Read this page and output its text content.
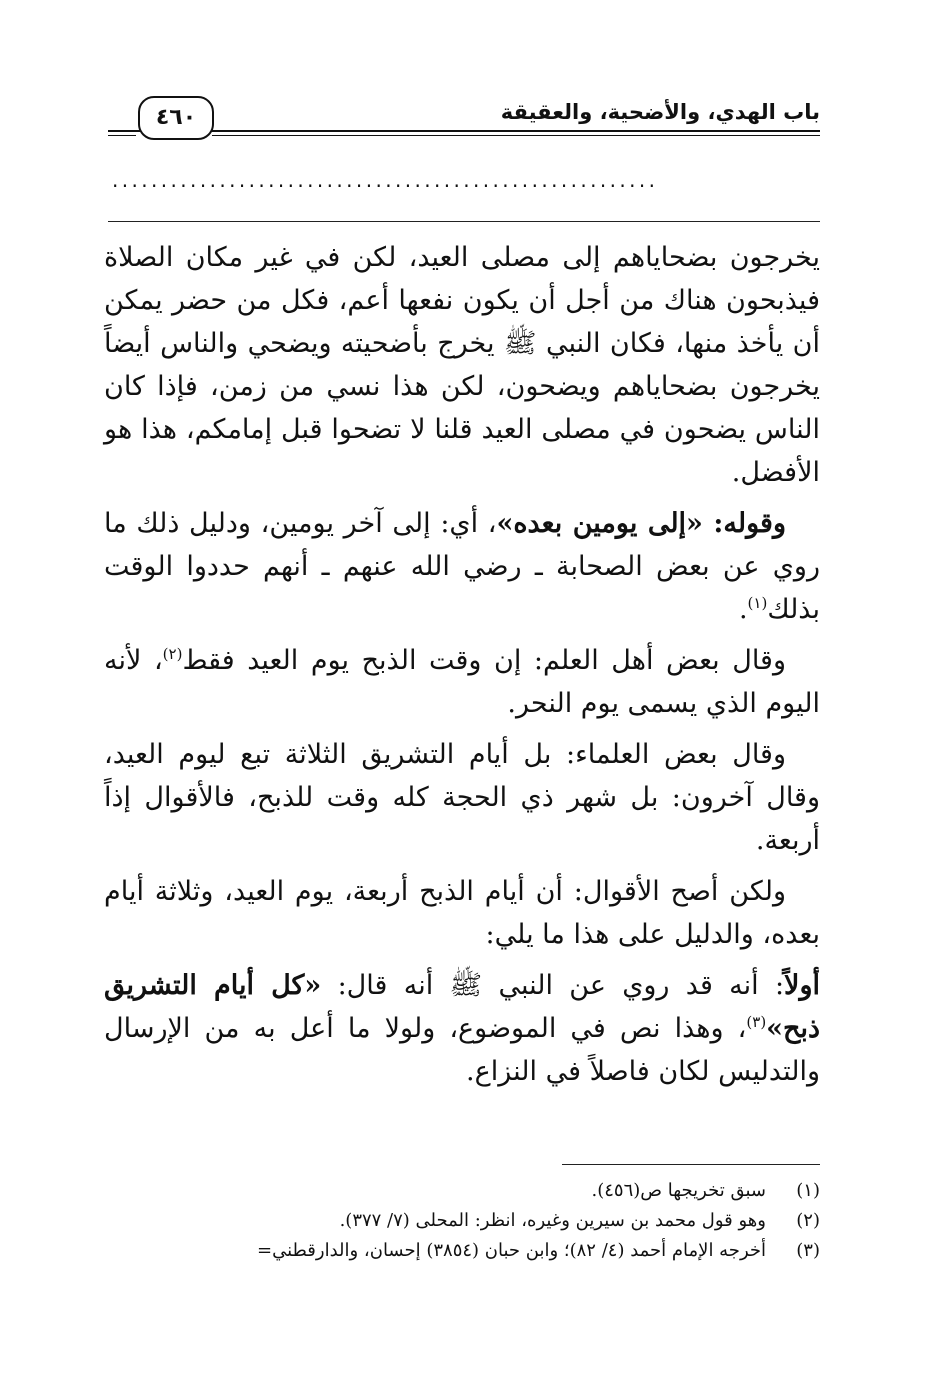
باب الهدي، والأضحية، والعقيقة
٤٦٠
........................................................

يخرجون بضحاياهم إلى مصلى العيد، لكن في غير مكان الصلاة فيذبحون هناك من أجل أن يكون نفعها أعم، فكل من حضر يمكن أن يأخذ منها، فكان النبي ﷺ يخرج بأضحيته ويضحي والناس أيضاً يخرجون بضحاياهم ويضحون، لكن هذا نسي من زمن، فإذا كان الناس يضحون في مصلى العيد قلنا لا تضحوا قبل إمامكم، هذا هو الأفضل.

وقوله: «إلى يومين بعده»، أي: إلى آخر يومين، ودليل ذلك ما روي عن بعض الصحابة ـ رضي الله عنهم ـ أنهم حددوا الوقت بذلك$^{(١)}$.

وقال بعض أهل العلم: إن وقت الذبح يوم العيد فقط$^{(٢)}$، لأنه اليوم الذي يسمى يوم النحر.

وقال بعض العلماء: بل أيام التشريق الثلاثة تبع ليوم العيد، وقال آخرون: بل شهر ذي الحجة كله وقت للذبح، فالأقوال إذاً أربعة.

ولكن أصح الأقوال: أن أيام الذبح أربعة، يوم العيد، وثلاثة أيام بعده، والدليل على هذا ما يلي:

أولاً: أنه قد روي عن النبي ﷺ أنه قال: «كل أيام التشريق ذبح»$^{(٣)}$، وهذا نص في الموضوع، ولولا ما أعل به من الإرسال والتدليس لكان فاصلاً في النزاع.

(١)
سبق تخريجها ص(٤٥٦).
(٢)
وهو قول محمد بن سيرين وغيره، انظر: المحلى (٧/ ٣٧٧).
(٣)
أخرجه الإمام أحمد (٤/ ٨٢)؛ وابن حبان (٣٨٥٤) إحسان، والدارقطني=
